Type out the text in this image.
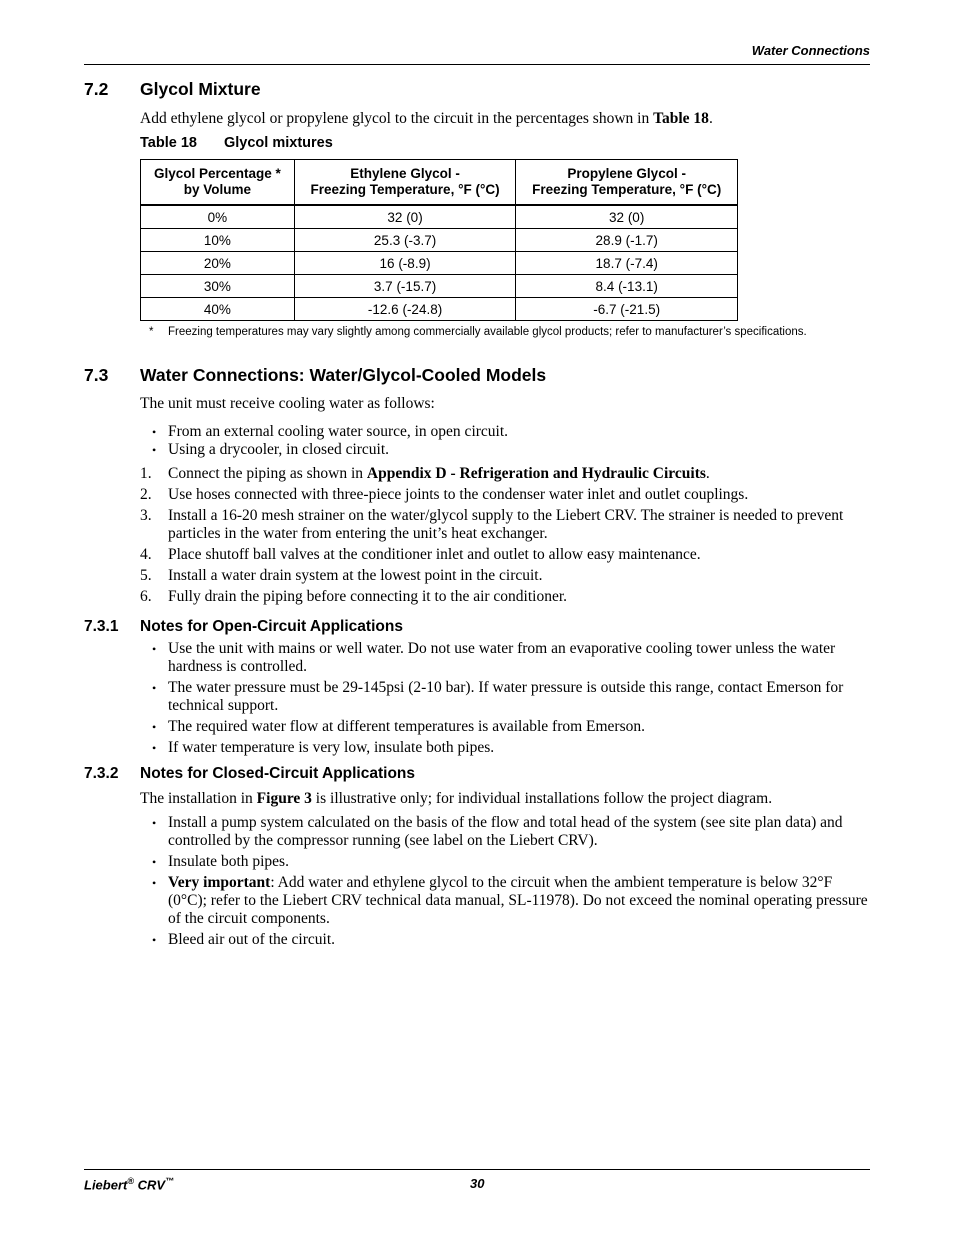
Water Connections
7.2 Glycol Mixture
Add ethylene glycol or propylene glycol to the circuit in the percentages shown in Table 18.
Table 18 Glycol mixtures
Glycol Percentage *
by Volume	Ethylene Glycol -
Freezing Temperature, °F (°C)	Propylene Glycol -
Freezing Temperature, °F (°C)
0%	32 (0)	32 (0)
10%	25.3 (-3.7)	28.9 (-1.7)
20%	16 (-8.9)	18.7 (-7.4)
30%	3.7 (-15.7)	8.4 (-13.1)
40%	-12.6 (-24.8)	-6.7 (-21.5)
* Freezing temperatures may vary slightly among commercially available glycol products; refer to manufacturer’s specifications.
7.3 Water Connections: Water/Glycol-Cooled Models
The unit must receive cooling water as follows:
• From an external cooling water source, in open circuit.
• Using a drycooler, in closed circuit.
1. Connect the piping as shown in Appendix D - Refrigeration and Hydraulic Circuits.
2. Use hoses connected with three-piece joints to the condenser water inlet and outlet couplings.
3. Install a 16-20 mesh strainer on the water/glycol supply to the Liebert CRV. The strainer is needed to prevent particles in the water from entering the unit’s heat exchanger.
4. Place shutoff ball valves at the conditioner inlet and outlet to allow easy maintenance.
5. Install a water drain system at the lowest point in the circuit.
6. Fully drain the piping before connecting it to the air conditioner.
7.3.1 Notes for Open-Circuit Applications
• Use the unit with mains or well water. Do not use water from an evaporative cooling tower unless the water hardness is controlled.
• The water pressure must be 29-145psi (2-10 bar). If water pressure is outside this range, contact Emerson for technical support.
• The required water flow at different temperatures is available from Emerson.
• If water temperature is very low, insulate both pipes.
7.3.2 Notes for Closed-Circuit Applications
The installation in Figure 3 is illustrative only; for individual installations follow the project diagram.
• Install a pump system calculated on the basis of the flow and total head of the system (see site plan data) and controlled by the compressor running (see label on the Liebert CRV).
• Insulate both pipes.
• Very important: Add water and ethylene glycol to the circuit when the ambient temperature is below 32°F (0°C); refer to the Liebert CRV technical data manual, SL-11978). Do not exceed the nominal operating pressure of the circuit components.
• Bleed air out of the circuit.
Liebert® CRV™	30
